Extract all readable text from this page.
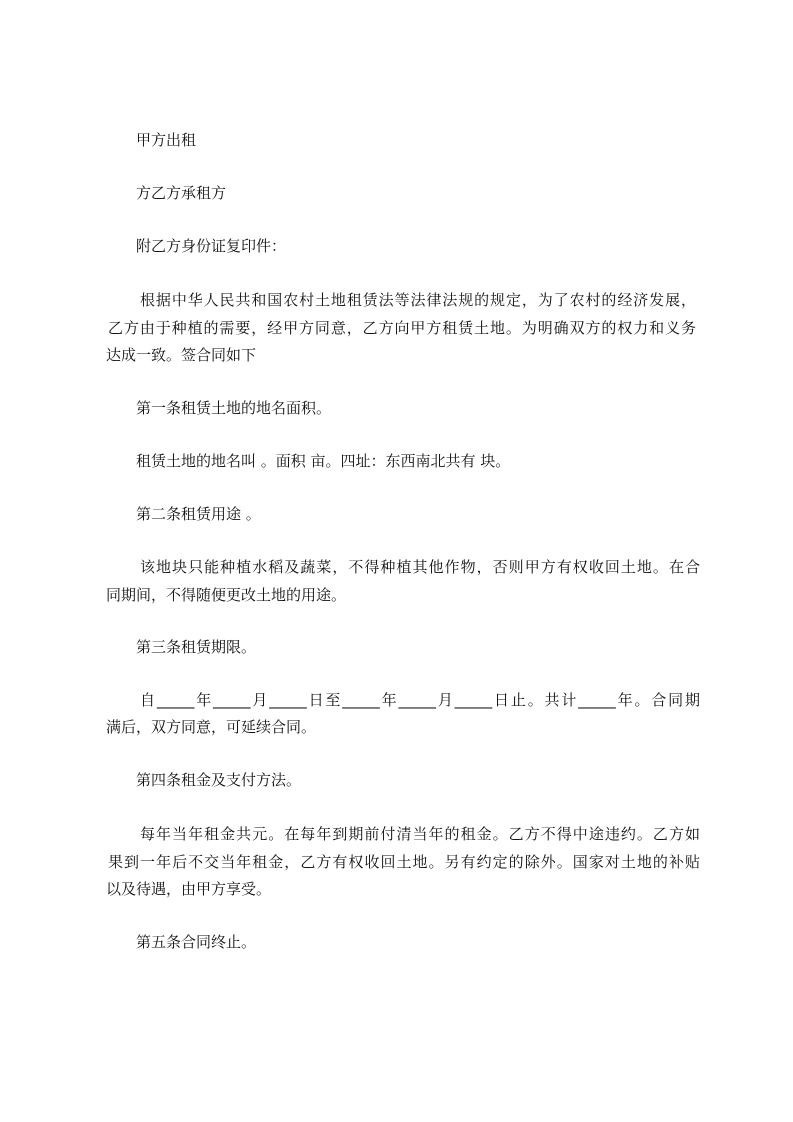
甲方出租
方乙方承租方
附乙方身份证复印件：
根据中华人民共和国农村土地租赁法等法律法规的规定，为了农村的经济发展，
乙方由于种植的需要，经甲方同意，乙方向甲方租赁土地。为明确双方的权力和义务
达成一致。签合同如下
第一条租赁土地的地名面积。
租赁土地的地名叫 。面积 亩。四址：东西南北共有 块。
第二条租赁用途 。
该地块只能种植水稻及蔬菜，不得种植其他作物，否则甲方有权收回土地。在合
同期间，不得随便更改土地的用途。
第三条租赁期限。
自_____年_____月_____日至_____年_____月_____日止。共计_____年。合同期
满后，双方同意，可延续合同。
第四条租金及支付方法。
每年当年租金共元。在每年到期前付清当年的租金。乙方不得中途违约。乙方如
果到一年后不交当年租金，乙方有权收回土地。另有约定的除外。国家对土地的补贴
以及待遇，由甲方享受。
第五条合同终止。
